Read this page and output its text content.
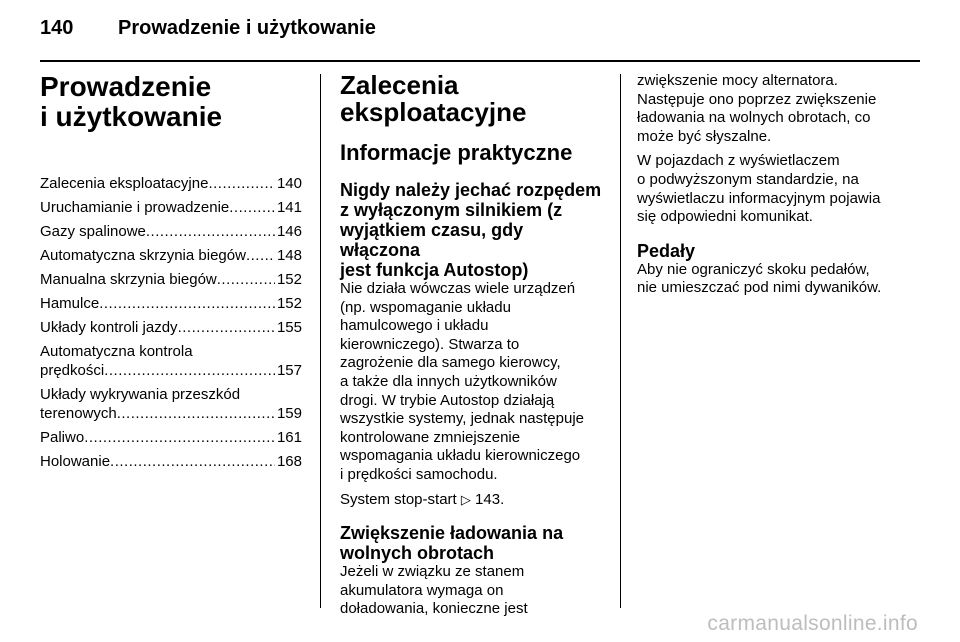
140 Prowadzenie i użytkowanie
Prowadzenie
i użytkowanie
Zalecenia eksploatacyjne .....	140
Uruchamianie i prowadzenie .....	141
Gazy spalinowe .....	146
Automatyczna skrzynia biegów ..... 148
Manualna skrzynia biegów .....	152
Hamulce .....	152
Układy kontroli jazdy .....	155
Automatyczna kontrola
prędkości .....	157
Układy wykrywania przeszkód
terenowych .....	159
Paliwo .....	161
Holowanie .....	168
Zalecenia
eksploatacyjne
Informacje praktyczne
Nigdy należy jechać rozpędem
z wyłączonym silnikiem (z
wyjątkiem czasu, gdy włączona
jest funkcja Autostop)
Nie działa wówczas wiele urządzeń
(np. wspomaganie układu
hamulcowego i układu
kierowniczego). Stwarza to
zagrożenie dla samego kierowcy,
a także dla innych użytkowników
drogi. W trybie Autostop działają
wszystkie systemy, jednak następuje
kontrolowane zmniejszenie
wspomagania układu kierowniczego
i prędkości samochodu.
System stop-start ▷ 143.
Zwiększenie ładowania na
wolnych obrotach
Jeżeli w związku ze stanem
akumulatora wymaga on
doładowania, konieczne jest
zwiększenie mocy alternatora.
Następuje ono poprzez zwiększenie
ładowania na wolnych obrotach, co
może być słyszalne.
W pojazdach z wyświetlaczem
o podwyższonym standardzie, na
wyświetlaczu informacyjnym pojawia
się odpowiedni komunikat.
Pedały
Aby nie ograniczyć skoku pedałów,
nie umieszczać pod nimi dywaników.
carmanualsonline.info
